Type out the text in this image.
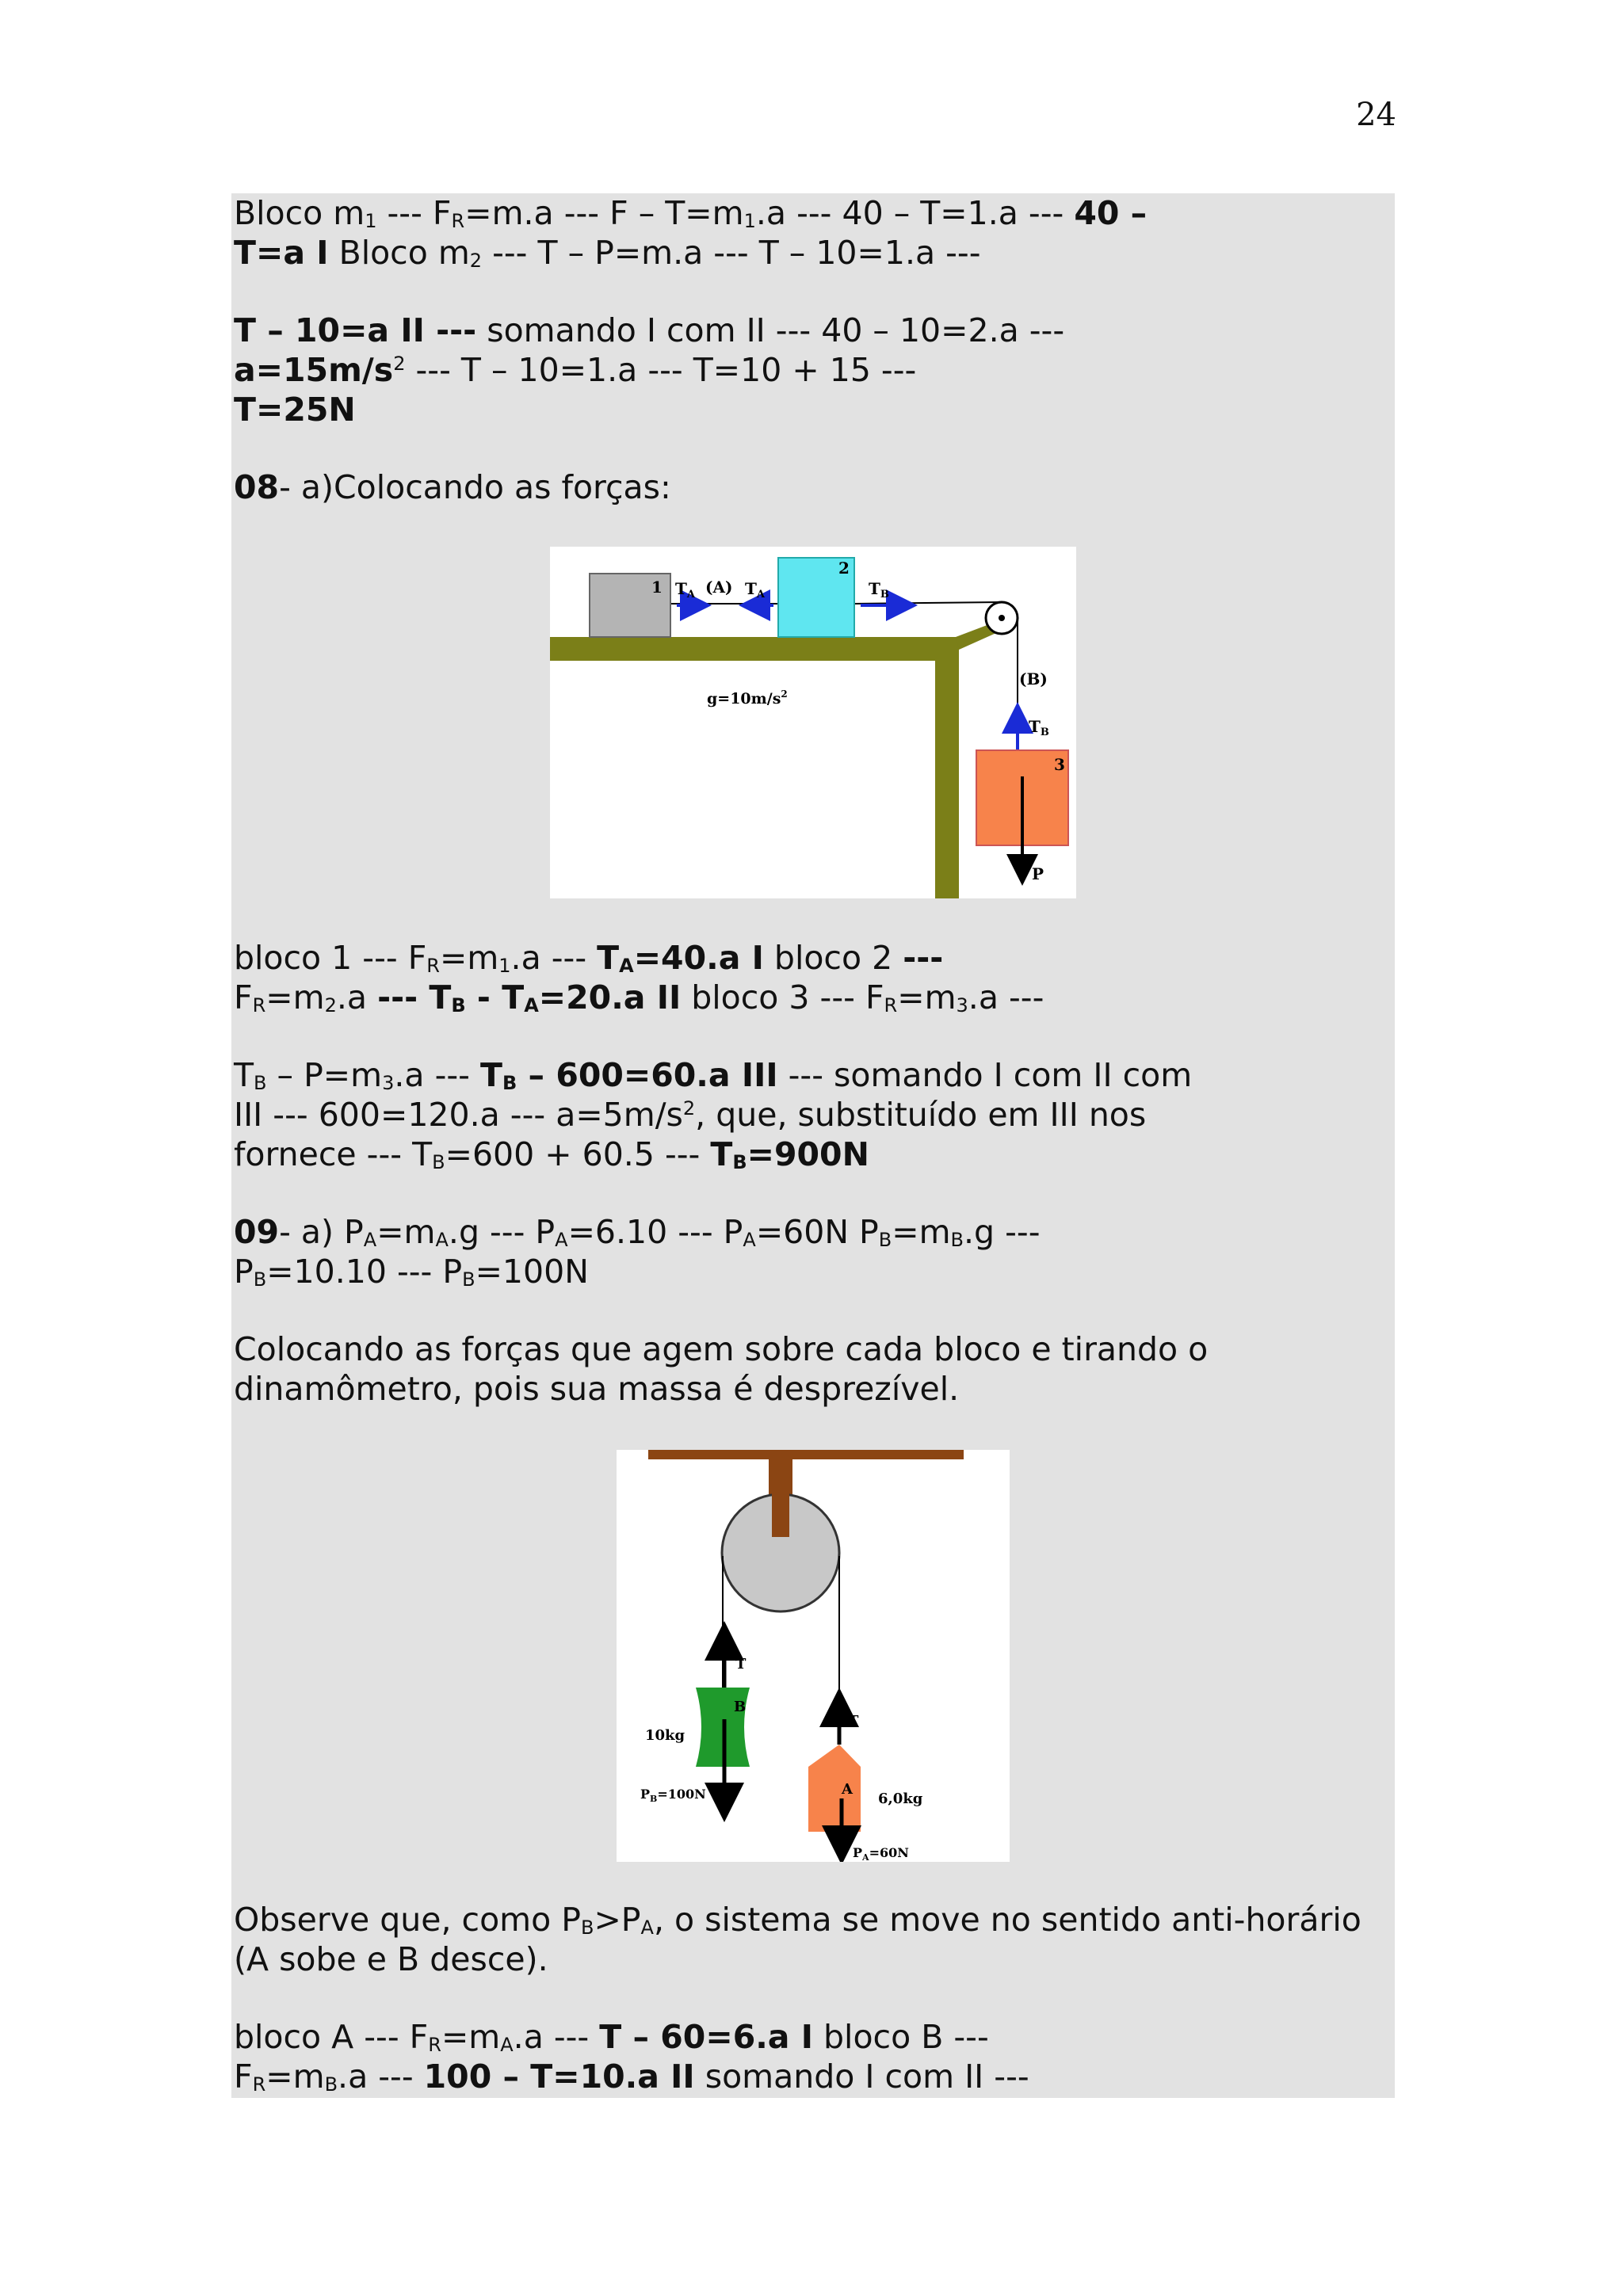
24

Bloco $m_1$ --- $F_R=m.a$ --- $F - T=m_1.a$ --- 40 – T=1.a --- 40 –

T=a I Bloco $m_2$ --- T – P=m.a --- T – 10=1.a ---

T – 10=a II --- somando I com II --- 40 – 10=2.a ---

$a=15m/s^2$ --- T – 10=1.a --- T=10 + 15 ---

T=25N

08- a)Colocando as forças:

1
2
3
$T_A$ (A) $T_A$	$T_B$
(B)
$T_B$
$g=10m/s^2$
P

bloco 1 --- $F_R=m_1.a$ --- $T_A=40.a$ I bloco 2 ---

$F_R=m_2.a$ --- $T_B - T_A=20.a$ II bloco 3 --- $F_R=m_3.a$ ---

$T_B - P=m_3.a$ --- $T_B - 600=60.a$ III --- somando I com II com

III --- 600=120.a --- $a=5m/s^2$, que, substituído em III nos

fornece --- $T_B=600 + 60.5$ --- $T_B=900N$

09- a) $P_A=m_A.g$ --- $P_A=6.10$ --- $P_A=60N$ $P_B=m_B.g$ ---

$P_B=10.10$ --- $P_B=100N$

Colocando as forças que agem sobre cada bloco e tirando o

dinamômetro, pois sua massa é desprezível.

B
A
T
T
10kg
$P_B=100N$	6,0kg
$P_A=60N$

Observe que, como $P_B>P_A$, o sistema se move no sentido anti-horário

(A sobe e B desce).

bloco A --- $F_R=m_A.a$ --- T – 60=6.a I bloco B ---

$F_R=m_B.a$ --- 100 – T=10.a II somando I com II ---
